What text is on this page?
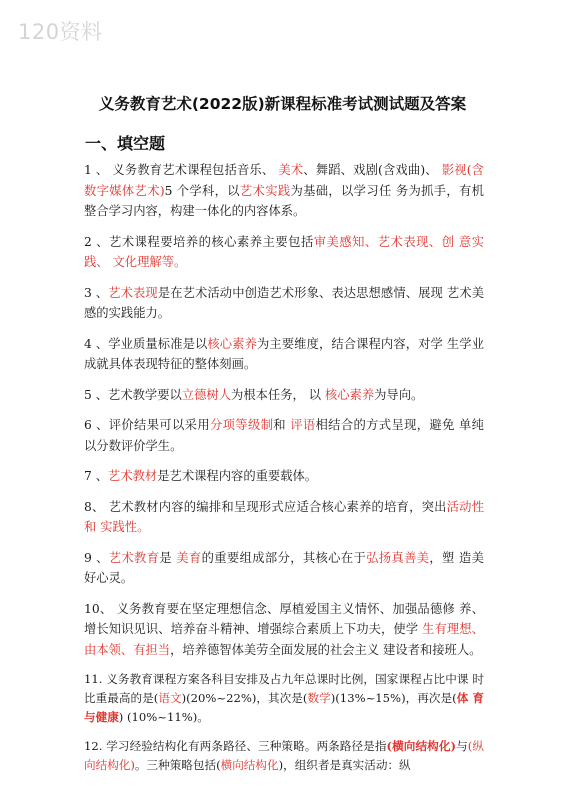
120资料
义务教育艺术(2022版)新课程标准考试测试题及答案
一、填空题

1 、 义务教育艺术课程包括音乐、 美术、舞蹈、戏剧(含戏曲)、 影视(含数字媒体艺术)5 个学科，以艺术实践为基础，以学习任 务为抓手，有机整合学习内容，构建一体化的内容体系。

2 、艺术课程要培养的核心素养主要包括审美感知、艺术表现、创 意实践、 文化理解等。

3 、艺术表现是在艺术活动中创造艺术形象、表达思想感情、展现 艺术美感的实践能力。

4 、学业质量标准是以核心素养为主要维度，结合课程内容，对学 生学业成就具体表现特征的整体刻画。

5 、艺术教学要以立德树人为根本任务， 以 核心素养为导向。

6 、评价结果可以采用分项等级制和 评语相结合的方式呈现，避免 单纯以分数评价学生。

7 、艺术教材是艺术课程内容的重要载体。

8、 艺术教材内容的编排和呈现形式应适合核心素养的培育，突出活动性和 实践性。

9 、艺术教育是 美育的重要组成部分，其核心在于弘扬真善美，塑 造美好心灵。

10、 义务教育要在坚定理想信念、厚植爱国主义情怀、加强品德修 养、增长知识见识、培养奋斗精神、增强综合素质上下功夫，使学 生有理想、由本领、有担当，培养德智体美劳全面发展的社会主义 建设者和接班人。

11. 义务教育课程方案各科目安排及占九年总课时比例，国家课程占比中课 时比重最高的是(语文)(20%~22%)，其次是(数学)(13%~15%)，再次是(体 育与健康) (10%~11%)。

12. 学习经验结构化有两条路径、三种策略。两条路径是指(横向结构化)与(纵向结构化)。三种策略包括(横向结构化)，组织者是真实活动：纵
